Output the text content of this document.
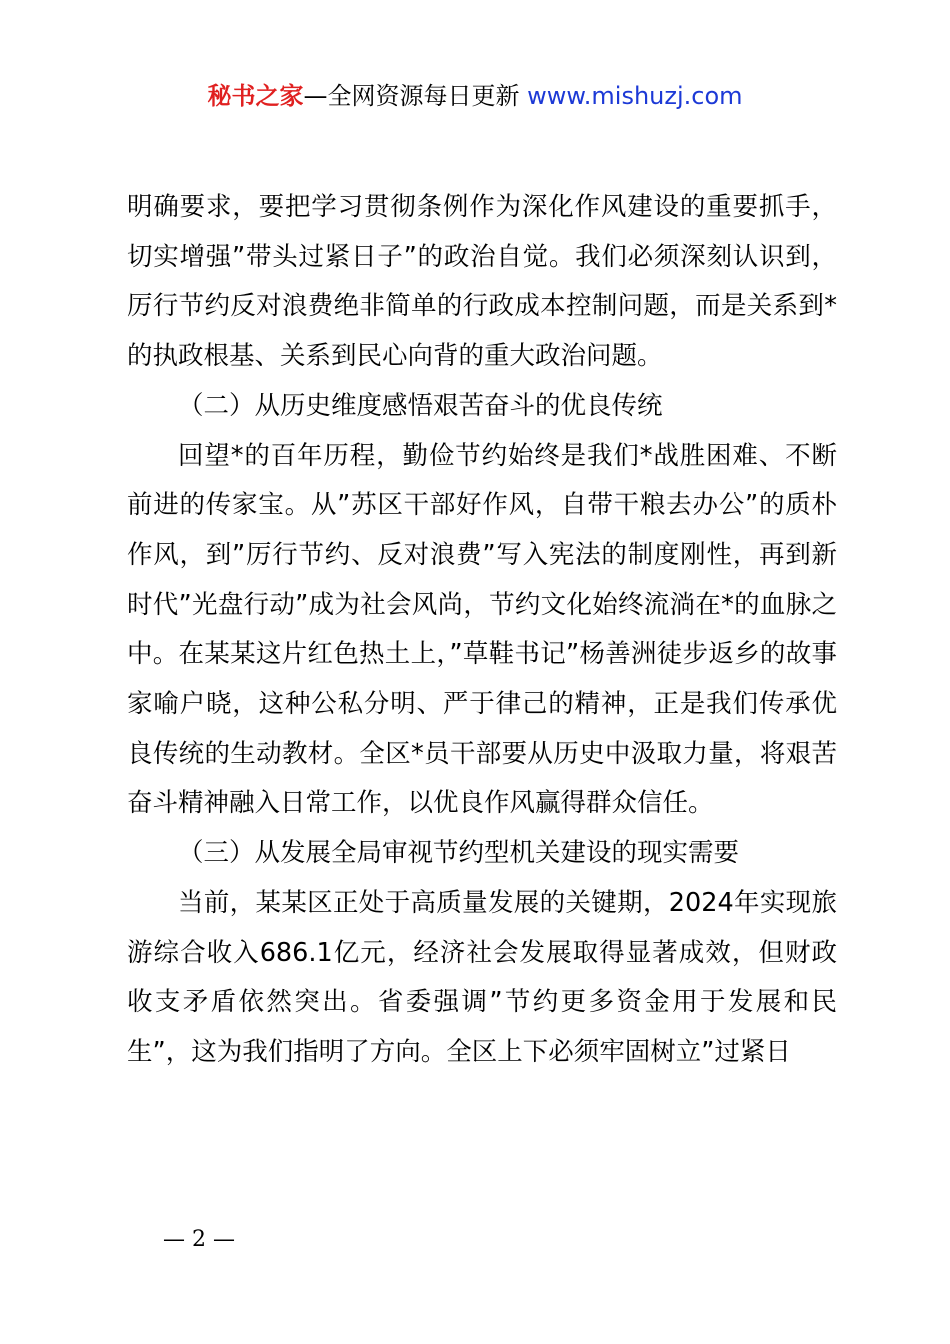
秘书之家—全网资源每日更新 www.mishuzj.com

明确要求，要把学习贯彻条例作为深化作风建设的重要抓手，切实增强”带头过紧日子”的政治自觉。我们必须深刻认识到，厉行节约反对浪费绝非简单的行政成本控制问题，而是关系到*的执政根基、关系到民心向背的重大政治问题。

（二）从历史维度感悟艰苦奋斗的优良传统

回望*的百年历程，勤俭节约始终是我们*战胜困难、不断前进的传家宝。从”苏区干部好作风，自带干粮去办公”的质朴作风，到”厉行节约、反对浪费”写入宪法的制度刚性，再到新时代”光盘行动”成为社会风尚，节约文化始终流淌在*的血脉之中。在某某这片红色热土上，”草鞋书记”杨善洲徒步返乡的故事家喻户晓，这种公私分明、严于律己的精神，正是我们传承优良传统的生动教材。全区*员干部要从历史中汲取力量，将艰苦奋斗精神融入日常工作，以优良作风赢得群众信任。

（三）从发展全局审视节约型机关建设的现实需要

当前，某某区正处于高质量发展的关键期，2024年实现旅游综合收入686.1亿元，经济社会发展取得显著成效，但财政收支矛盾依然突出。省委强调”节约更多资金用于发展和民生”，这为我们指明了方向。全区上下必须牢固树立”过紧日

— 2 —
